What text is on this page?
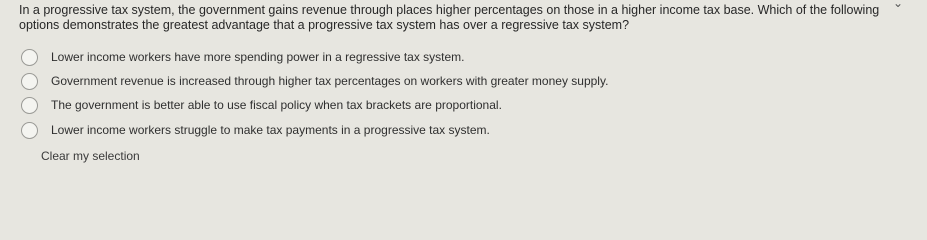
In a progressive tax system, the government gains revenue through places higher percentages on those in a higher income tax base. Which of the following options demonstrates the greatest advantage that a progressive tax system has over a regressive tax system?
⌄
Lower income workers have more spending power in a regressive tax system.
Government revenue is increased through higher tax percentages on workers with greater money supply.
The government is better able to use fiscal policy when tax brackets are proportional.
Lower income workers struggle to make tax payments in a progressive tax system.
Clear my selection
